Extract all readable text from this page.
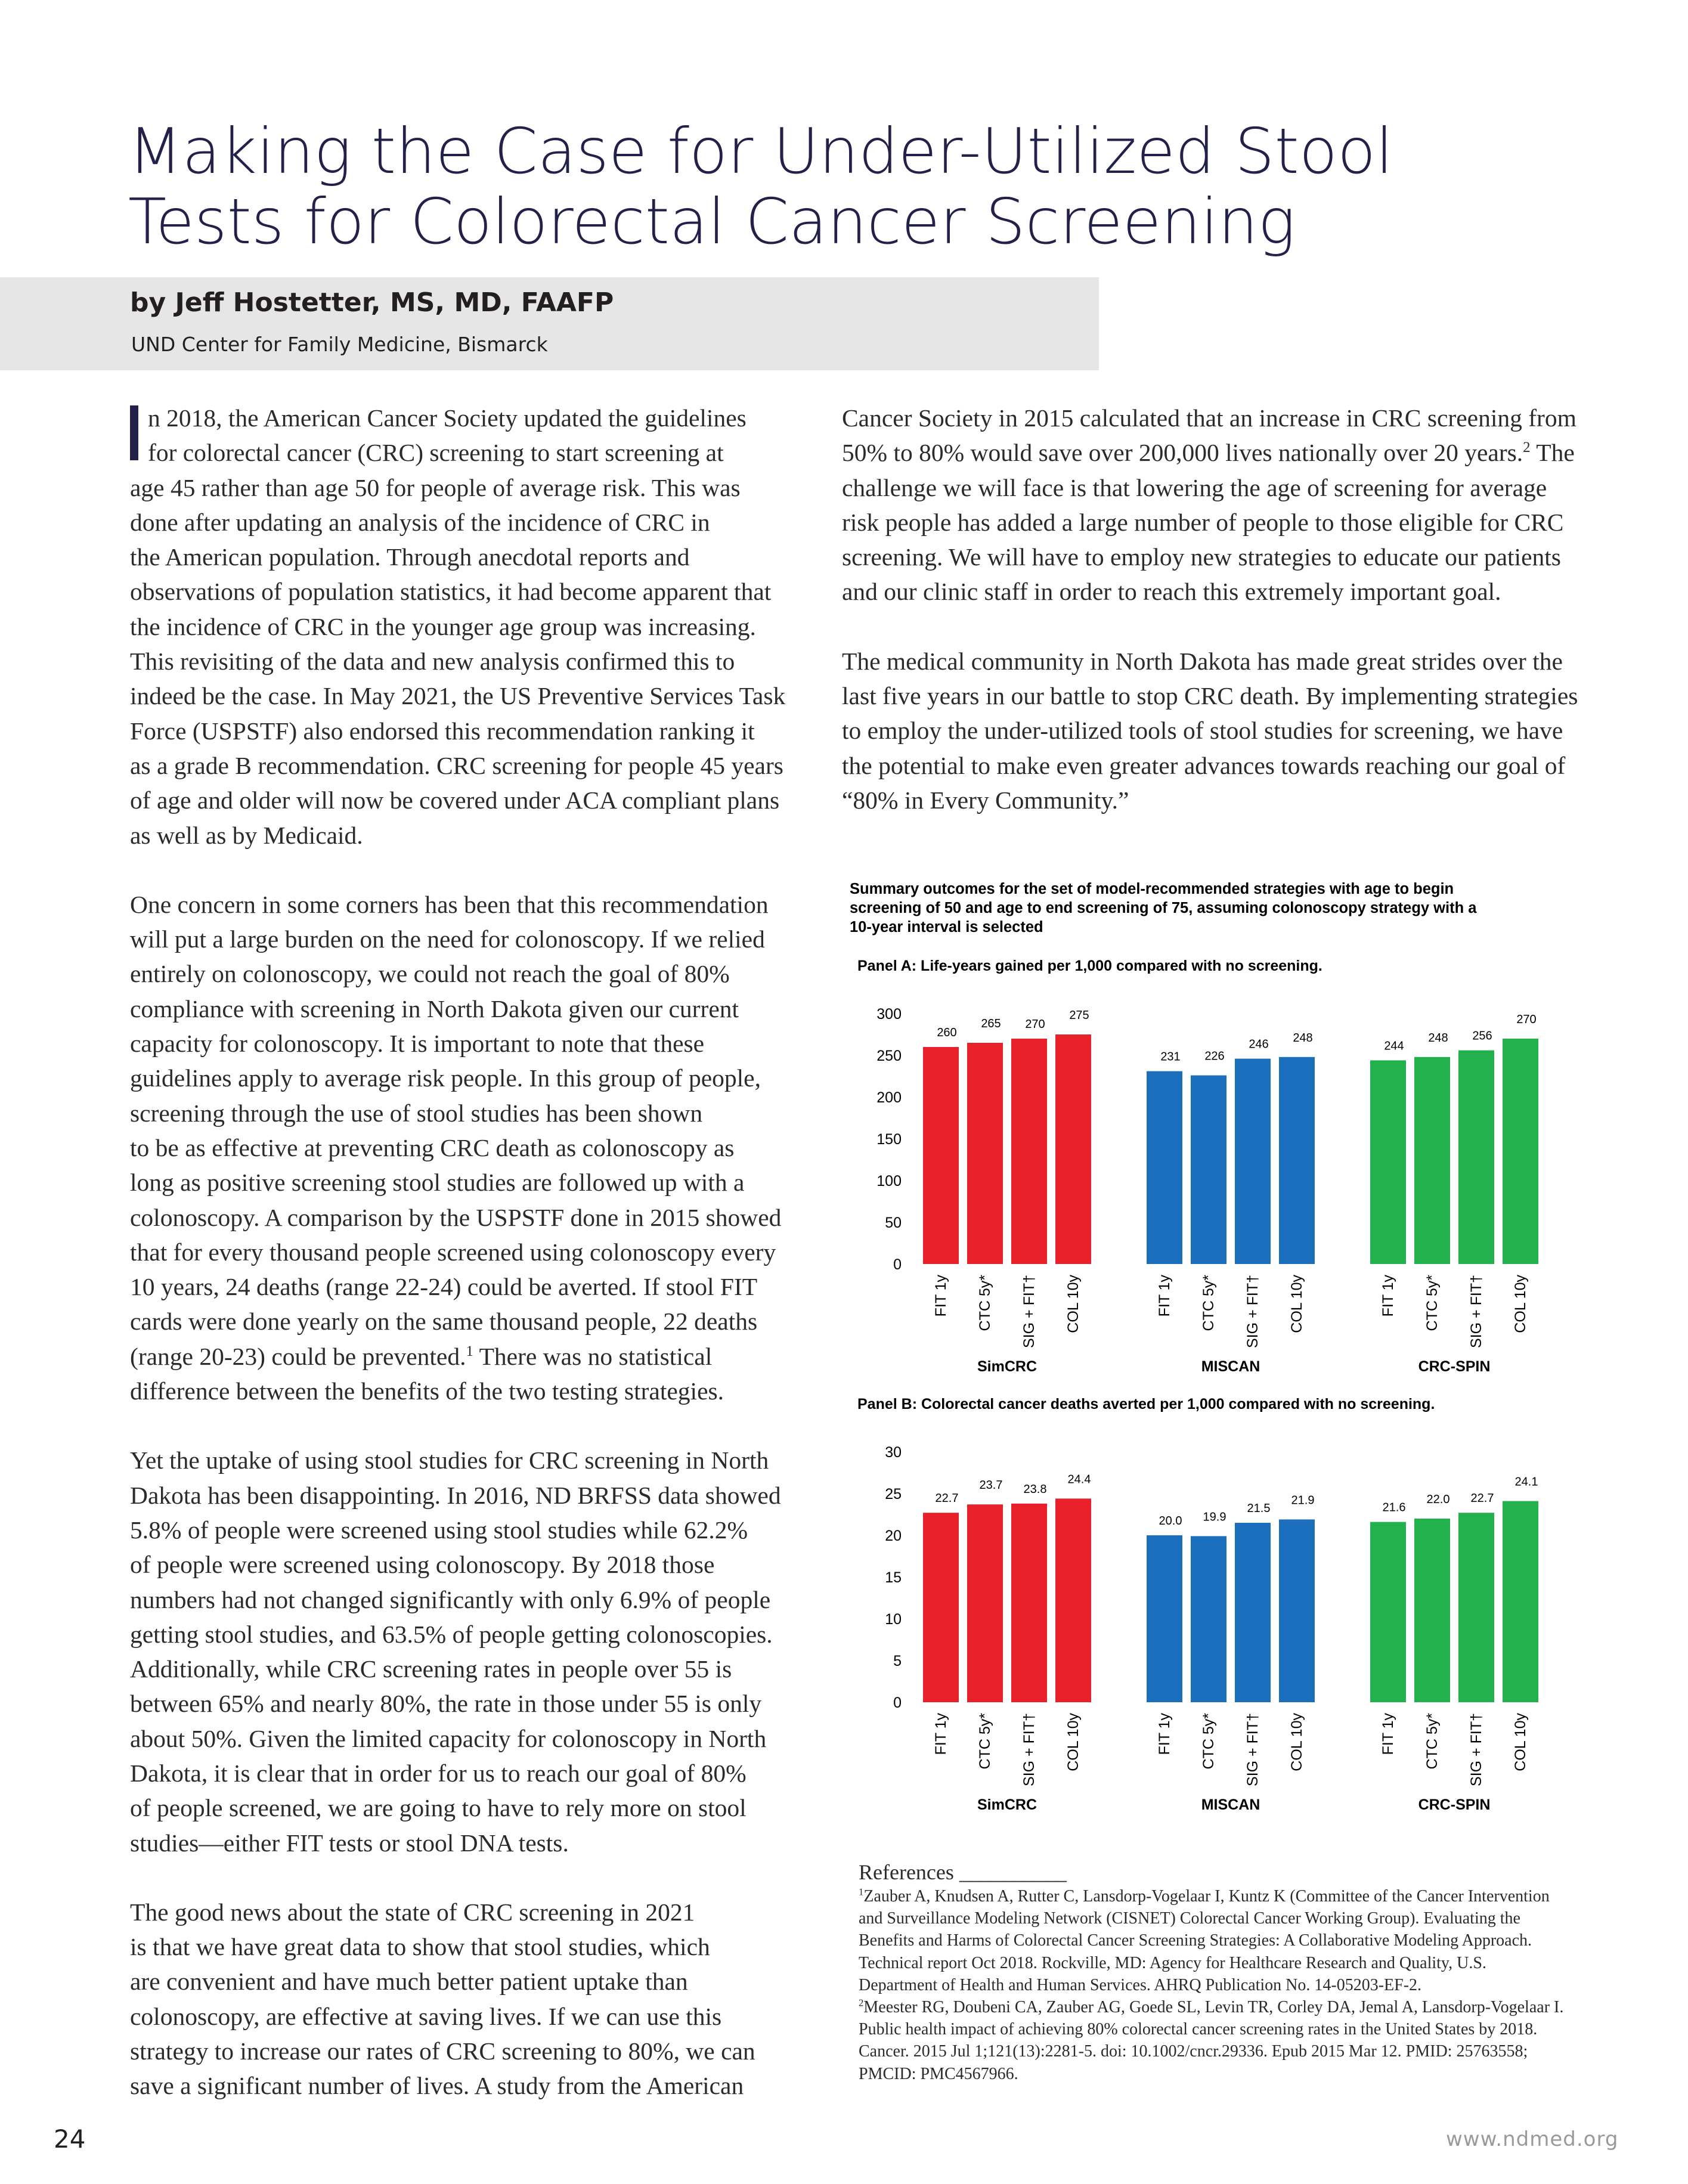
Making the Case for Under-Utilized Stool
Tests for Colorectal Cancer Screening
by Jeff Hostetter, MS, MD, FAAFP
UND Center for Family Medicine, Bismarck

n 2018, the American Cancer Society updated the guidelines
for colorectal cancer (CRC) screening to start screening at
age 45 rather than age 50 for people of average risk. This was
done after updating an analysis of the incidence of CRC in
the American population. Through anecdotal reports and
observations of population statistics, it had become apparent that
the incidence of CRC in the younger age group was increasing.
This revisiting of the data and new analysis confirmed this to
indeed be the case. In May 2021, the US Preventive Services Task
Force (USPSTF) also endorsed this recommendation ranking it
as a grade B recommendation. CRC screening for people 45 years
of age and older will now be covered under ACA compliant plans
as well as by Medicaid.

One concern in some corners has been that this recommendation
will put a large burden on the need for colonoscopy. If we relied
entirely on colonoscopy, we could not reach the goal of 80%
compliance with screening in North Dakota given our current
capacity for colonoscopy. It is important to note that these
guidelines apply to average risk people. In this group of people,
screening through the use of stool studies has been shown
to be as effective at preventing CRC death as colonoscopy as
long as positive screening stool studies are followed up with a
colonoscopy. A comparison by the USPSTF done in 2015 showed
that for every thousand people screened using colonoscopy every
10 years, 24 deaths (range 22-24) could be averted. If stool FIT
cards were done yearly on the same thousand people, 22 deaths
(range 20-23) could be prevented.$^1$ There was no statistical
difference between the benefits of the two testing strategies.

Yet the uptake of using stool studies for CRC screening in North
Dakota has been disappointing. In 2016, ND BRFSS data showed
5.8% of people were screened using stool studies while 62.2%
of people were screened using colonoscopy. By 2018 those
numbers had not changed significantly with only 6.9% of people
getting stool studies, and 63.5% of people getting colonoscopies.
Additionally, while CRC screening rates in people over 55 is
between 65% and nearly 80%, the rate in those under 55 is only
about 50%. Given the limited capacity for colonoscopy in North
Dakota, it is clear that in order for us to reach our goal of 80%
of people screened, we are going to have to rely more on stool
studies—either FIT tests or stool DNA tests.

The good news about the state of CRC screening in 2021
is that we have great data to show that stool studies, which
are convenient and have much better patient uptake than
colonoscopy, are effective at saving lives. If we can use this
strategy to increase our rates of CRC screening to 80%, we can
save a significant number of lives. A study from the American

Cancer Society in 2015 calculated that an increase in CRC screening from
50% to 80% would save over 200,000 lives nationally over 20 years.$^2$ The
challenge we will face is that lowering the age of screening for average
risk people has added a large number of people to those eligible for CRC
screening. We will have to employ new strategies to educate our patients
and our clinic staff in order to reach this extremely important goal.

The medical community in North Dakota has made great strides over the
last five years in our battle to stop CRC death. By implementing strategies
to employ the under-utilized tools of stool studies for screening, we have
the potential to make even greater advances towards reaching our goal of
“80% in Every Community.”

Summary outcomes for the set of model-recommended strategies with age to begin
screening of 50 and age to end screening of 75, assuming colonoscopy strategy with a
10-year interval is selected
Panel A: Life-years gained per 1,000 compared with no screening.
0
50
100
150
200
250
300
260
FIT 1y
265
CTC 5y*
270
SIG + FIT†
275
COL 10y
SimCRC
231
FIT 1y
226
CTC 5y*
246
SIG + FIT†
248
COL 10y
MISCAN
244
FIT 1y
248
CTC 5y*
256
SIG + FIT†
270
COL 10y
CRC-SPIN
Panel B: Colorectal cancer deaths averted per 1,000 compared with no screening.
0
5
10
15
20
25
30
22.7
FIT 1y
23.7
CTC 5y*
23.8
SIG + FIT†
24.4
COL 10y
SimCRC
20.0
FIT 1y
19.9
CTC 5y*
21.5
SIG + FIT†
21.9
COL 10y
MISCAN
21.6
FIT 1y
22.0
CTC 5y*
22.7
SIG + FIT†
24.1
COL 10y
CRC-SPIN
References __________
$^1$Zauber A, Knudsen A, Rutter C, Lansdorp-Vogelaar I, Kuntz K (Committee of the Cancer Intervention
and Surveillance Modeling Network (CISNET) Colorectal Cancer Working Group). Evaluating the
Benefits and Harms of Colorectal Cancer Screening Strategies: A Collaborative Modeling Approach.
Technical report Oct 2018. Rockville, MD: Agency for Healthcare Research and Quality, U.S.
Department of Health and Human Services. AHRQ Publication No. 14-05203-EF-2.
$^2$Meester RG, Doubeni CA, Zauber AG, Goede SL, Levin TR, Corley DA, Jemal A, Lansdorp-Vogelaar I.
Public health impact of achieving 80% colorectal cancer screening rates in the United States by 2018.
Cancer. 2015 Jul 1;121(13):2281-5. doi: 10.1002/cncr.29336. Epub 2015 Mar 12. PMID: 25763558;
PMCID: PMC4567966.
24	www.ndmed.org
